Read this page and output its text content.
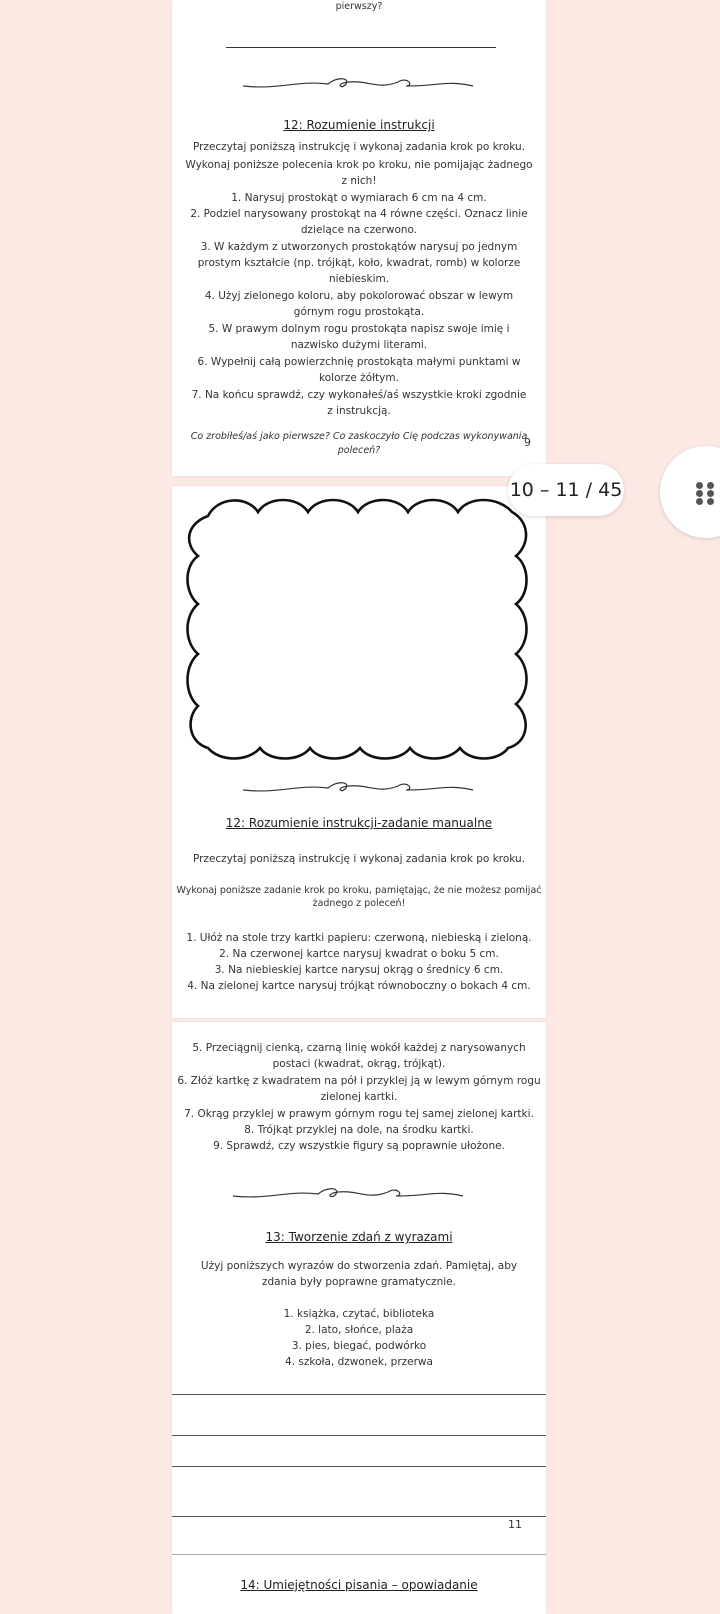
pierwszy?
12: Rozumienie instrukcji
Przeczytaj poniższą instrukcję i wykonaj zadania krok po kroku.
Wykonaj poniższe polecenia krok po kroku, nie pomijając żadnego
z nich!
1. Narysuj prostokąt o wymiarach 6 cm na 4 cm.
2. Podziel narysowany prostokąt na 4 równe części. Oznacz linie
dzielące na czerwono.
3. W każdym z utworzonych prostokątów narysuj po jednym
prostym kształcie (np. trójkąt, koło, kwadrat, romb) w kolorze
niebieskim.
4. Użyj zielonego koloru, aby pokolorować obszar w lewym
górnym rogu prostokąta.
5. W prawym dolnym rogu prostokąta napisz swoje imię i
nazwisko dużymi literami.
6. Wypełnij całą powierzchnię prostokąta małymi punktami w
kolorze żółtym.
7. Na końcu sprawdź, czy wykonałeś/aś wszystkie kroki zgodnie
z instrukcją.
Co zrobiłeś/aś jako pierwsze? Co zaskoczyło Cię podczas wykonywania
poleceń?
9
12: Rozumienie instrukcji-zadanie manualne
Przeczytaj poniższą instrukcję i wykonaj zadania krok po kroku.
Wykonaj poniższe zadanie krok po kroku, pamiętając, że nie możesz pomijać
żadnego z poleceń!
1. Ułóż na stole trzy kartki papieru: czerwoną, niebieską i zieloną.
2. Na czerwonej kartce narysuj kwadrat o boku 5 cm.
3. Na niebieskiej kartce narysuj okrąg o średnicy 6 cm.
4. Na zielonej kartce narysuj trójkąt równoboczny o bokach 4 cm.
5. Przeciągnij cienką, czarną linię wokół każdej z narysowanych
postaci (kwadrat, okrąg, trójkąt).
6. Złóż kartkę z kwadratem na pół i przyklej ją w lewym górnym rogu
zielonej kartki.
7. Okrąg przyklej w prawym górnym rogu tej samej zielonej kartki.
8. Trójkąt przyklej na dole, na środku kartki.
9. Sprawdź, czy wszystkie figury są poprawnie ułożone.
13: Tworzenie zdań z wyrazami
Użyj poniższych wyrazów do stworzenia zdań. Pamiętaj, aby
zdania były poprawne gramatycznie.
1. książka, czytać, biblioteka
2. lato, słońce, plaża
3. pies, biegać, podwórko
4. szkoła, dzwonek, przerwa
11
14: Umiejętności pisania – opowiadanie
10 – 11 / 45
